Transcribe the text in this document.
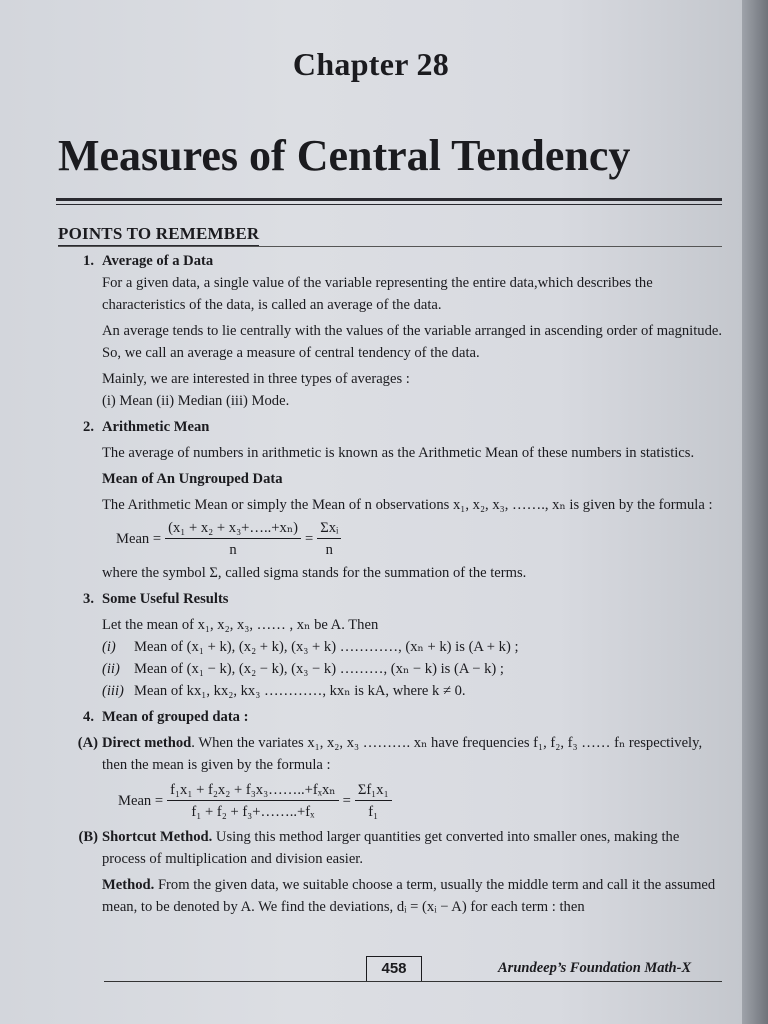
Chapter 28
Measures of Central Tendency
POINTS TO REMEMBER
1. Average of a Data
For a given data, a single value of the variable representing the entire data,which describes the characteristics of the data, is called an average of the data.
An average tends to lie centrally with the values of the variable arranged in ascending order of magnitude. So, we call an average a measure of central tendency of the data.
Mainly, we are interested in three types of averages :
(i) Mean (ii) Median (iii) Mode.
2. Arithmetic Mean
The average of numbers in arithmetic is known as the Arithmetic Mean of these numbers in statistics.
Mean of An Ungrouped Data
The Arithmetic Mean or simply the Mean of n observations x₁, x₂, x₃, ……., xₙ is given by the formula :
Mean = $\frac{\text{(x₁ + x₂ + x₃+…..+xₙ)}}{n} = \frac{\text{Σxᵢ}}{n}$
where the symbol Σ, called sigma stands for the summation of the terms.
3. Some Useful Results
Let the mean of x₁, x₂, x₃, …… , xₙ be A. Then
(i)	Mean of (x₁ + k), (x₂ + k), (x₃ + k) …………, (xₙ + k) is (A + k) ;
(ii) Mean of (x₁ − k), (x₂ − k), (x₃ − k) ………, (xₙ − k) is (A − k) ;
(iii) Mean of kx₁, kx₂, kx₃ …………, kxₙ is kA, where k ≠ 0.
4. Mean of grouped data :
(A) Direct method. When the variates x₁, x₂, x₃ ………. xₙ have frequencies f₁, f₂, f₃ …… fₙ respectively, then the mean is given by the formula :
Mean = $\frac{\text{f₁x₁ + f₂x₂ + f₃x₃……..+fₓxₙ}}{\text{f₁ + f₂ + f₃+……..+fₓ}} = \frac{\text{Σf₁x₁}}{\text{f₁}}$
(B) Shortcut Method. Using this method larger quantities get converted into smaller ones, making the process of multiplication and division easier.
Method. From the given data, we suitable choose a term, usually the middle term and call it the assumed mean, to be denoted by A. We find the deviations, dᵢ = (xᵢ − A) for each term : then
458	Arundeep’s Foundation Math-X
